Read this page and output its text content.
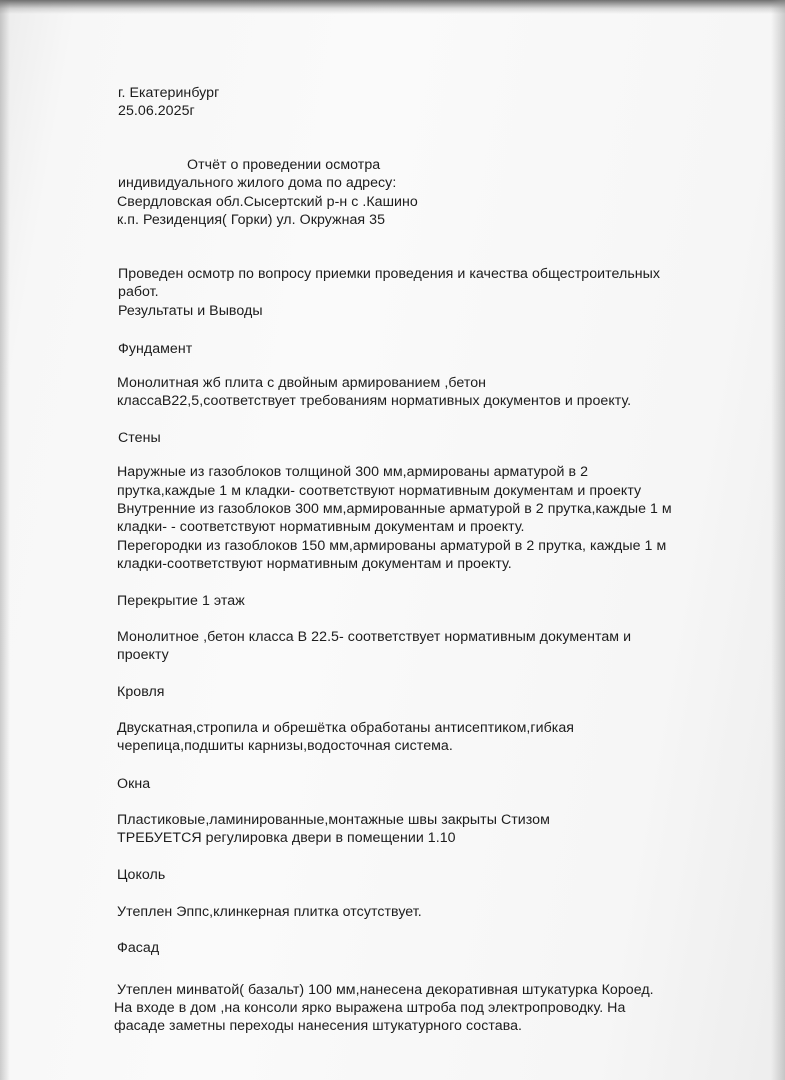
г. Екатеринбург

25.06.2025г

Отчёт о проведении осмотра

индивидуального жилого дома по адресу:

Свердловская обл.Сысертский р-н с .Кашино

к.п. Резиденция( Горки) ул. Окружная 35

Проведен осмотр по вопросу приемки проведения и качества общестроительных

работ.

Результаты и Выводы

Фундамент

Монолитная жб плита с двойным армированием ,бетон

классаВ22,5,соответствует требованиям нормативных документов и проекту.

Стены

Наружные из газоблоков толщиной 300 мм,армированы арматурой в 2

прутка,каждые 1 м кладки- соответствуют нормативным документам и проекту

Внутренние из газоблоков 300 мм,армированные арматурой в 2 прутка,каждые 1 м

кладки- - соответствуют нормативным документам и проекту.

Перегородки из газоблоков 150 мм,армированы арматурой в 2 прутка, каждые 1 м

кладки-соответствуют нормативным документам и проекту.

Перекрытие 1 этаж

Монолитное ,бетон класса В 22.5- соответствует нормативным документам и

проекту

Кровля

Двускатная,стропила и обрешётка обработаны антисептиком,гибкая

черепица,подшиты карнизы,водосточная система.

Окна

Пластиковые,ламинированные,монтажные швы закрыты Стизом

ТРЕБУЕТСЯ регулировка двери в помещении 1.10

Цоколь

Утеплен Эппс,клинкерная плитка отсутствует.

Фасад

Утеплен минватой( базальт) 100 мм,нанесена декоративная штукатурка Короед.

На входе в дом ,на консоли ярко выражена штроба под электропроводку. На

фасаде заметны переходы нанесения штукатурного состава.
